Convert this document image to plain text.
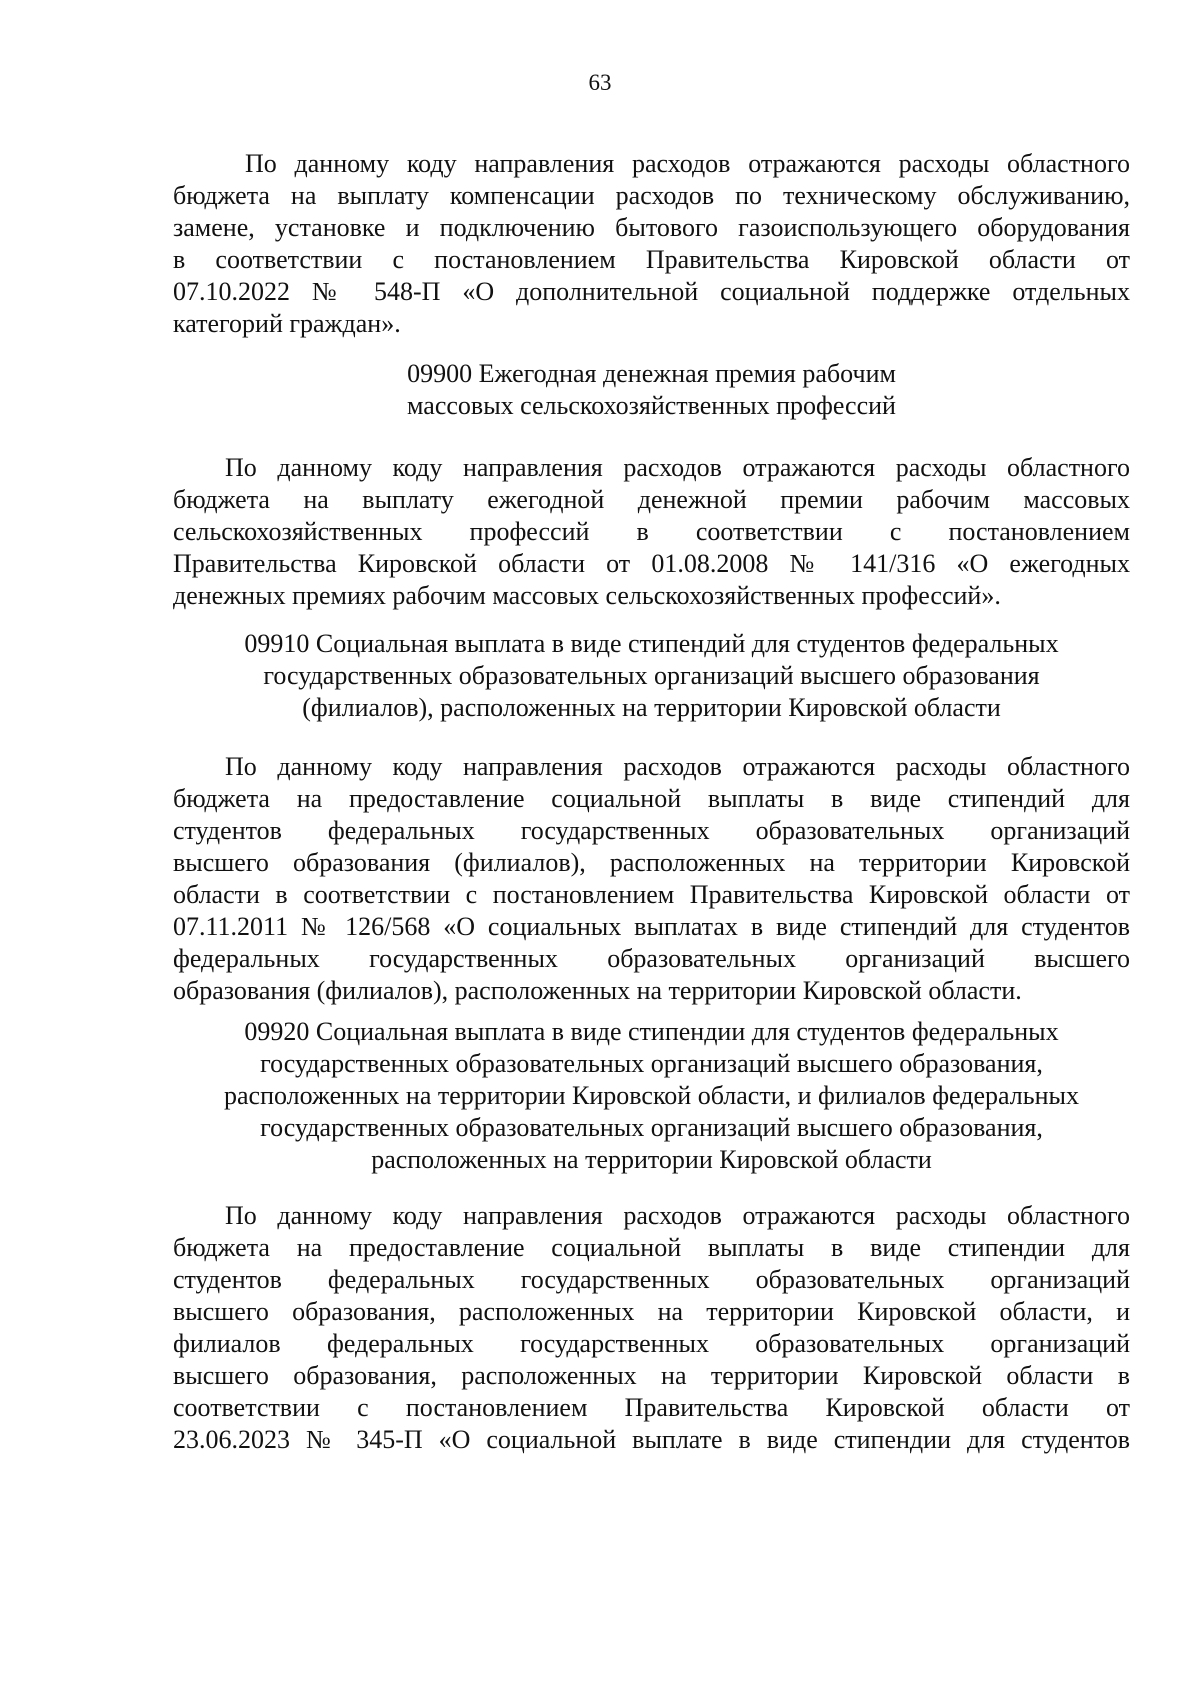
63
По данному коду направления расходов отражаются расходы областного
бюджета на выплату компенсации расходов по техническому обслуживанию,
замене, установке и подключению бытового газоиспользующего оборудования
в соответствии с постановлением Правительства Кировской области от
07.10.2022 № 548-П «О дополнительной социальной поддержке отдельных
категорий граждан».
09900 Ежегодная денежная премия рабочим
массовых сельскохозяйственных профессий
По данному коду направления расходов отражаются расходы областного
бюджета на выплату ежегодной денежной премии рабочим массовых
сельскохозяйственных профессий в соответствии с постановлением
Правительства Кировской области от 01.08.2008 № 141/316 «О ежегодных
денежных премиях рабочим массовых сельскохозяйственных профессий».
09910 Социальная выплата в виде стипендий для студентов федеральных
государственных образовательных организаций высшего образования
(филиалов), расположенных на территории Кировской области
По данному коду направления расходов отражаются расходы областного
бюджета на предоставление социальной выплаты в виде стипендий для
студентов федеральных государственных образовательных организаций
высшего образования (филиалов), расположенных на территории Кировской
области в соответствии с постановлением Правительства Кировской области от
07.11.2011 № 126/568 «О социальных выплатах в виде стипендий для студентов
федеральных государственных образовательных организаций высшего
образования (филиалов), расположенных на территории Кировской области.
09920 Социальная выплата в виде стипендии для студентов федеральных
государственных образовательных организаций высшего образования,
расположенных на территории Кировской области, и филиалов федеральных
государственных образовательных организаций высшего образования,
расположенных на территории Кировской области
По данному коду направления расходов отражаются расходы областного
бюджета на предоставление социальной выплаты в виде стипендии для
студентов федеральных государственных образовательных организаций
высшего образования, расположенных на территории Кировской области, и
филиалов федеральных государственных образовательных организаций
высшего образования, расположенных на территории Кировской области в
соответствии с постановлением Правительства Кировской области от
23.06.2023 № 345-П «О социальной выплате в виде стипендии для студентов
